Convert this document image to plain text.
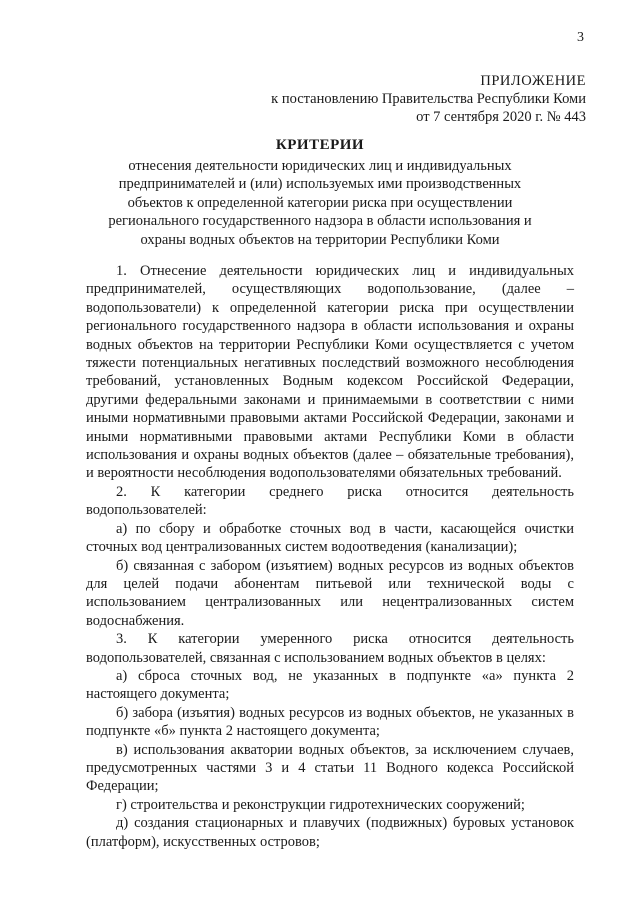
3
ПРИЛОЖЕНИЕ
к постановлению Правительства Республики Коми
от 7 сентября 2020 г. № 443
КРИТЕРИИ
отнесения деятельности юридических лиц и индивидуальных предпринимателей и (или) используемых ими производственных объектов к определенной категории риска при осуществлении регионального государственного надзора в области использования и охраны водных объектов на территории Республики Коми

1. Отнесение деятельности юридических лиц и индивидуальных предпринимателей, осуществляющих водопользование, (далее – водопользователи) к определенной категории риска при осуществлении регионального государственного надзора в области использования и охраны водных объектов на территории Республики Коми осуществляется с учетом тяжести потенциальных негативных последствий возможного несоблюдения требований, установленных Водным кодексом Российской Федерации, другими федеральными законами и принимаемыми в соответствии с ними иными нормативными правовыми актами Российской Федерации, законами и иными нормативными правовыми актами Республики Коми в области использования и охраны водных объектов (далее – обязательные требования), и вероятности несоблюдения водопользователями обязательных требований.

2. К категории среднего риска относится деятельность водопользователей:

а) по сбору и обработке сточных вод в части, касающейся очистки сточных вод централизованных систем водоотведения (канализации);

б) связанная с забором (изъятием) водных ресурсов из водных объектов для целей подачи абонентам питьевой или технической воды с использованием централизованных или нецентрализованных систем водоснабжения.

3. К категории умеренного риска относится деятельность водопользователей, связанная с использованием водных объектов в целях:

а) сброса сточных вод, не указанных в подпункте «а» пункта 2 настоящего документа;

б) забора (изъятия) водных ресурсов из водных объектов, не указанных в подпункте «б» пункта 2 настоящего документа;

в) использования акватории водных объектов, за исключением случаев, предусмотренных частями 3 и 4 статьи 11 Водного кодекса Российской Федерации;

г) строительства и реконструкции гидротехнических сооружений;

д) создания стационарных и плавучих (подвижных) буровых установок (платформ), искусственных островов;
